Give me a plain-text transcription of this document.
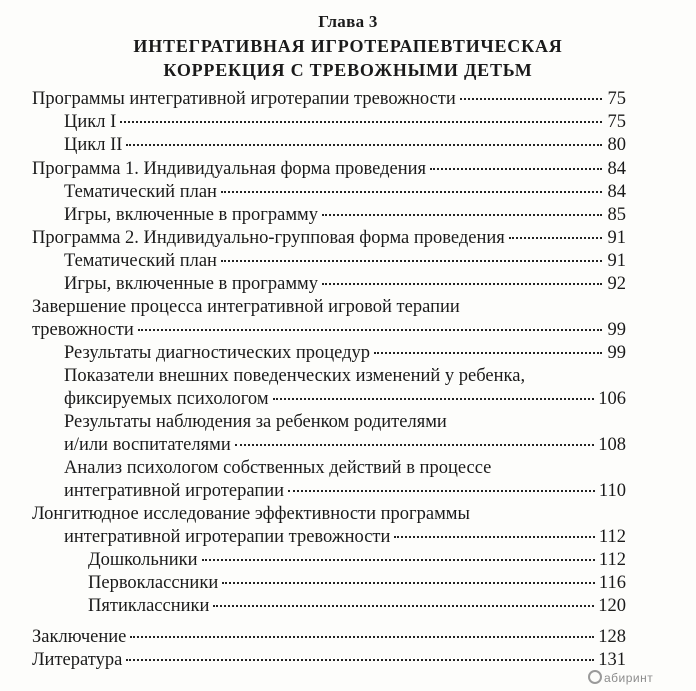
Глава 3
ИНТЕГРАТИВНАЯ ИГРОТЕРАПЕВТИЧЕСКАЯ
КОРРЕКЦИЯ С ТРЕВОЖНЫМИ ДЕТЬМ
Программы интегративной игротерапии тревожности	75
Цикл I	75
Цикл II	80
Программа 1. Индивидуальная форма проведения	84
Тематический план	84
Игры, включенные в программу	85
Программа 2. Индивидуально-групповая форма проведения	91
Тематический план	91
Игры, включенные в программу	92
Завершение процесса интегративной игровой терапии
тревожности	99
Результаты диагностических процедур	99
Показатели внешних поведенческих изменений у ребенка,
фиксируемых психологом	106
Результаты наблюдения за ребенком родителями
и/или воспитателями	108
Анализ психологом собственных действий в процессе
интегративной игротерапии	110
Лонгитюдное исследование эффективности программы
интегративной игротерапии тревожности	112
Дошкольники	112
Первоклассники	116
Пятиклассники	120
Заключение	128
Литература	131
абиринт
